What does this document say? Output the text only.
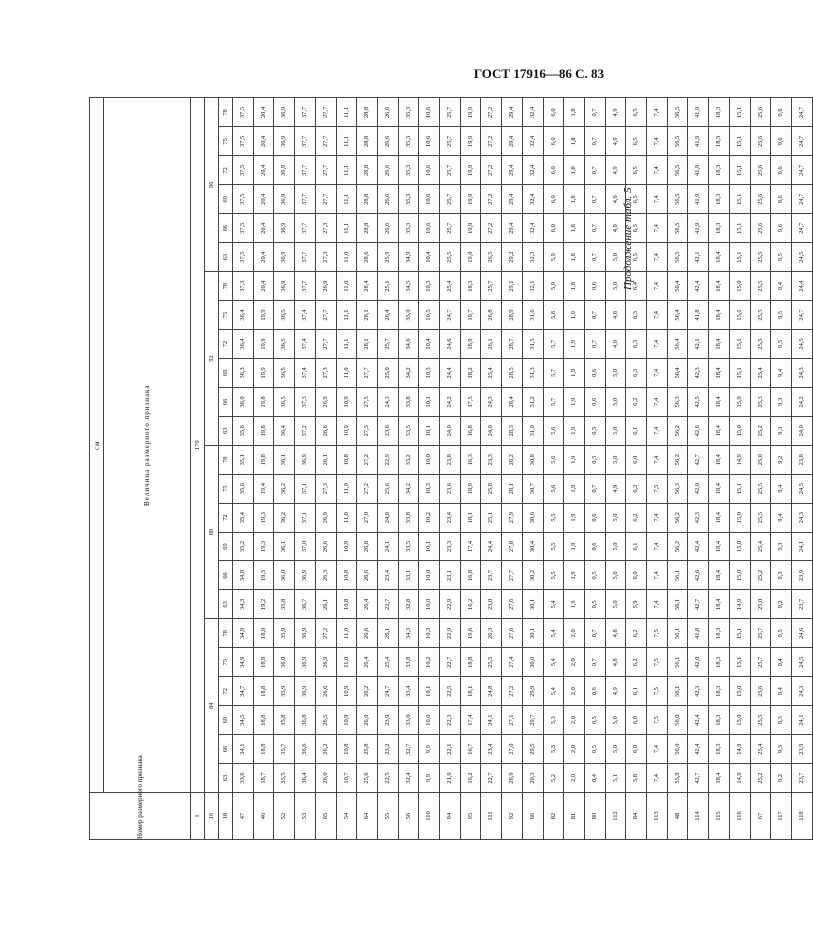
ГОСТ 17916—86 С. 83
Продолжение табл. 5
Номер размерного признака	см																							
	Величина размерного признака																							
1	170																							
16	84						88						92						96					
18	63	66	69	72	75	78	63	66	69	72	75	78	63	66	69	72	75	78	63	66	69	72	75	78
47	33,6	34,1	34,5	34,7	34,9	34,9	34,3	34,8	35,2	35,4	35,6	35,1	35,6	36,0	36,3	36,4	36,4	37,3	37,5	37,5	37,5	37,5	37,5	37,5
46	18,7	18,8	18,8	18,8	18,9	18,9	19,2	19,3	19,3	19,3	19,4	19,8	19,8	19,8	19,9	19,9	19,9	20,4	20,4	20,4	20,4	20,4	20,4	20,4
52	35,5	35,7	35,8	35,9	36,0	35,9	35,8	36,0	36,1	36,2	36,2	36,1	36,4	36,5	36,5	36,5	36,5	36,9	36,9	36,9	36,9	36,9	36,9	36,9
53	36,4	36,6	36,8	36,9	36,9	36,9	36,7	36,9	37,0	37,1	37,1	36,9	37,2	37,3	37,4	37,4	37,4	37,7	37,7	37,7	37,7	37,7	37,7	37,7
65	26,0	26,2	26,5	26,6	26,9	27,2	26,1	26,3	26,6	26,9	27,3	26,1	26,6	26,9	27,3	27,7	27,7	26,9	27,3	27,3	27,7	27,7	27,7	27,7
54	10,7	10,8	10,9	10,9	11,0	11,0	10,8	10,8	10,9	11,0	11,0	10,8	10,9	10,9	11,0	11,1	11,1	11,0	11,0	11,1	11,1	11,1	11,1	11,1
64	25,6	25,8	26,0	26,2	26,4	26,6	26,4	26,6	26,8	27,0	27,2	27,2	27,3	27,5	27,7	28,1	28,1	28,4	28,6	28,8	28,8	28,8	28,8	28,8
55	22,5	23,2	23,9	24,7	25,4	26,1	22,7	23,4	24,1	24,9	25,6	22,9	23,6	24,3	25,0	25,7	26,4	25,1	25,9	26,6	26,6	26,6	26,6	26,6
56	32,4	32,7	33,0	33,4	33,8	34,3	32,8	33,1	33,5	33,8	34,2	33,2	33,5	33,8	34,2	34,6	35,0	34,5	34,9	35,3	35,3	35,3	35,3	35,3
110	9,9	9,9	10,0	10,1	10,2	10,3	10,0	10,0	10,1	10,2	10,3	10,0	10,1	10,1	10,3	10,4	10,5	10,3	10,4	10,6	10,6	10,6	10,6	10,6
94	21,9	22,1	22,3	22,5	22,7	22,9	22,9	23,1	23,3	23,4	23,6	23,8	24,0	24,2	24,4	24,6	24,7	25,4	25,5	25,7	25,7	25,7	25,7	25,7
95	16,2	16,7	17,4	18,1	18,8	19,6	16,2	16,8	17,4	18,1	18,9	16,3	16,8	17,5	18,2	18,9	19,7	18,3	19,0	19,9	19,9	19,9	19,9	19,9
111	22,7	23,4	24,1	24,8	25,5	26,3	23,0	23,7	24,4	25,1	25,8	23,3	24,0	24,3	25,4	26,1	26,8	25,7	26,5	27,2	27,2	27,2	27,2	27,2
92	26,9	27,0	27,1	27,2	27,4	27,6	27,6	27,7	27,8	27,9	28,1	28,2	28,3	28,4	28,5	28,7	28,9	29,1	29,2	29,4	29,4	29,4	29,4	29,4
66	29,3	29,5	29,7	29,9	30,0	30,1	30,1	30,2	30,4	30,6	30,7	30,8	31,0	31,2	31,3	31,5	31,6	32,1	32,3	32,4	32,4	32,4	32,4	32,4
82	5,2	5,3	5,3	5,4	5,4	5,4	5,4	5,5	5,5	5,5	5,6	5,6	5,6	5,7	5,7	5,7	5,8	5,9	5,9	6,0	6,0	6,0	6,0	6,0
81	2,0	2,0	2,0	2,0	2,0	2,0	1,9	1,9	1,9	1,9	1,9	1,9	1,9	1,9	1,9	1,9	1,9	1,8	1,8	1,8	1,8	1,8	1,8	1,8
80	0,4	0,5	0,5	0,6	0,7	0,7	0,5	0,5	0,6	0,6	0,7	0,5	0,5	0,6	0,6	0,7	0,7	0,6	0,7	0,7	0,7	0,7	0,7	0,7
112	5,1	5,0	5,0	4,9	4,8	4,8	5,0	5,0	5,0	5,0	4,9	5,0	5,0	5,0	5,0	4,9	4,8	5,0	5,0	4,9	4,9	4,9	4,9	4,9
84	5,8	6,0	6,0	6,1	6,2	6,2	5,9	6,0	6,1	6,2	6,2	6,0	6,1	6,2	6,3	6,3	6,3	6,4	6,5	6,5	6,5	6,5	6,5	6,5
113	7,4	7,4	7,5	7,5	7,5	7,5	7,4	7,4	7,4	7,4	7,5	7,4	7,4	7,4	7,4	7,4	7,4	7,4	7,4	7,4	7,4	7,4	7,4	7,4
48	55,9	56,0	56,0	56,1	56,1	56,1	56,1	56,1	56,2	56,2	56,3	56,2	56,2	56,3	56,4	56,4	56,4	56,4	56,5	56,5	56,5	56,5	56,5	56,5
114	42,7	42,4	42,4	42,3	42,0	41,8	42,7	42,6	42,4	42,3	42,0	42,7	42,6	42,5	42,3	42,1	41,8	42,4	42,1	41,9	41,9	41,9	41,9	41,9
115	18,4	18,3	18,3	18,3	18,3	18,3	18,4	18,4	18,4	18,4	18,4	18,4	18,4	18,4	18,4	18,4	18,4	18,4	18,4	18,3	18,3	18,3	18,3	18,3
116	14,9	14,9	15,0	15,0	15,1	15,1	14,9	15,0	15,0	15,0	15,1	14,9	15,0	15,0	15,1	15,1	15,1	15,0	15,1	15,1	15,1	15,1	15,1	15,1
67	25,2	25,4	25,5	25,6	25,7	25,7	25,0	25,2	25,4	25,5	25,5	25,0	25,2	25,3	25,4	25,5	25,5	25,5	25,5	25,6	25,6	25,6	25,6	25,6
117	9,2	9,3	9,3	9,4	9,4	9,5	9,2	9,3	9,3	9,4	9,4	9,2	9,3	9,3	9,4	9,5	9,5	9,4	9,5	9,6	9,6	9,6	9,6	9,6
118	23,7	23,9	24,1	24,3	24,5	24,6	23,7	23,9	24,1	24,3	24,5	23,8	24,0	24,2	24,3	24,5	24,7	24,4	24,5	24,7	24,7	24,7	24,7	24,7
